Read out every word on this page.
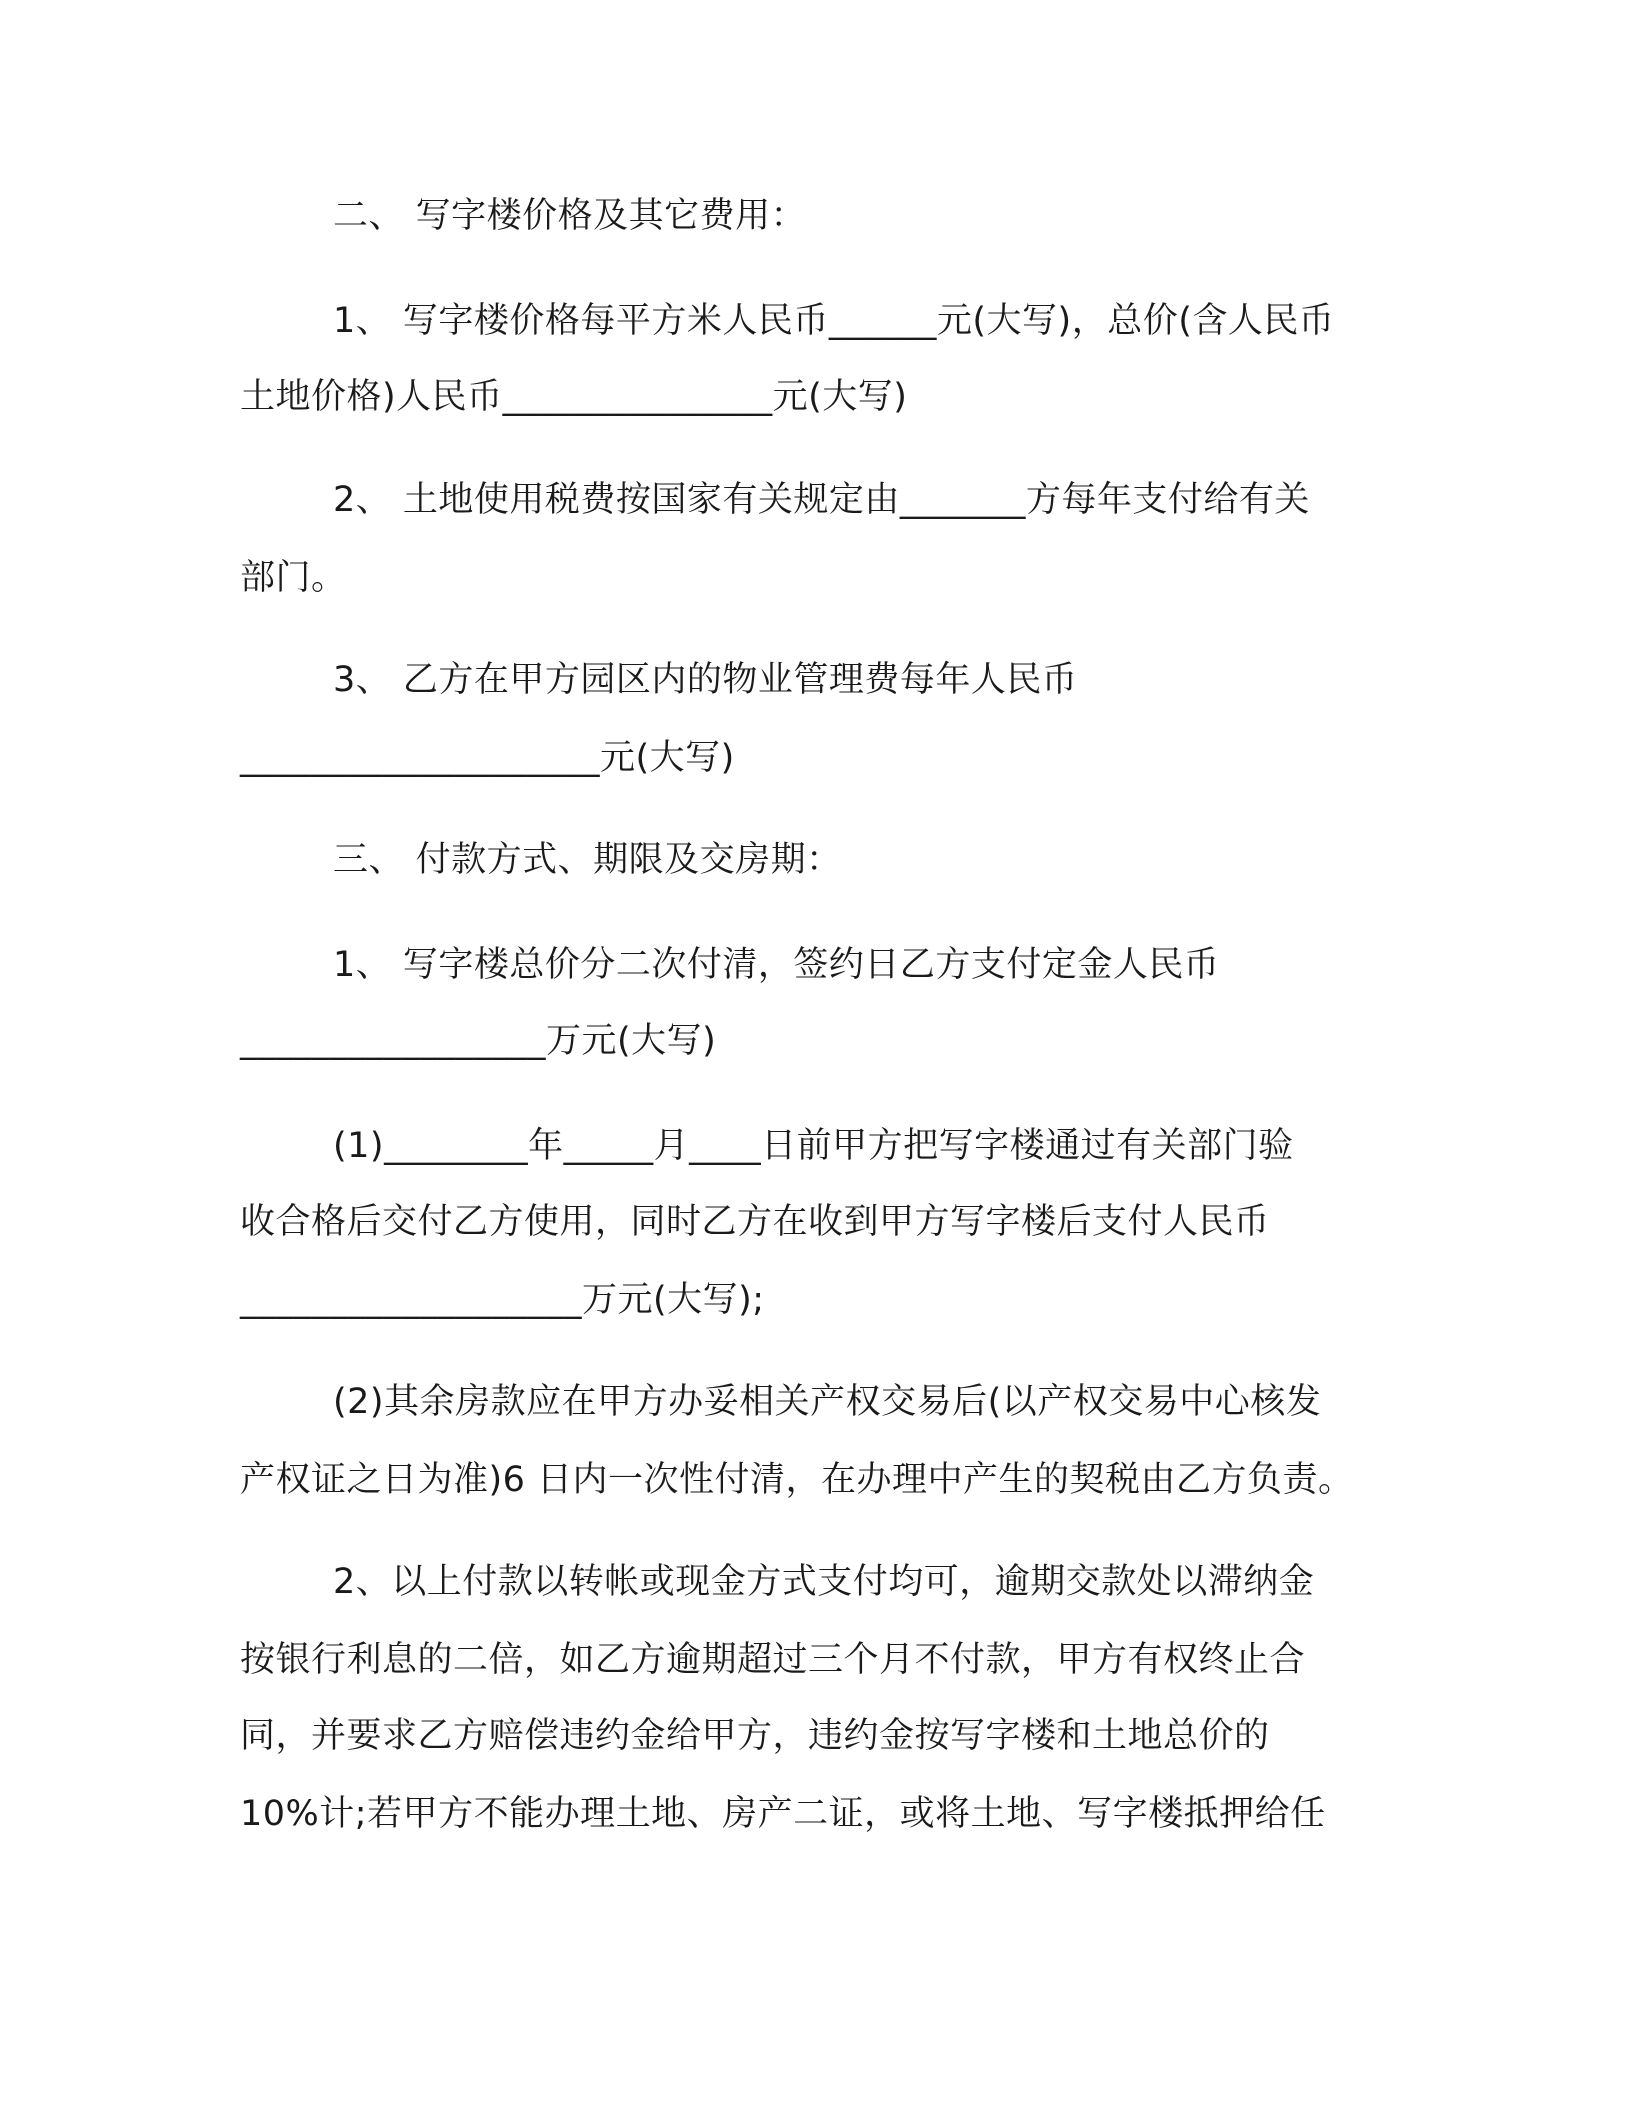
二、 写字楼价格及其它费用：
1、 写字楼价格每平方米人民币______元(大写)，总价(含人民币
土地价格)人民币_______________元(大写)
2、 土地使用税费按国家有关规定由_______方每年支付给有关
部门。
3、 乙方在甲方园区内的物业管理费每年人民币
____________________元(大写)
三、 付款方式、期限及交房期：
1、 写字楼总价分二次付清，签约日乙方支付定金人民币
_________________万元(大写)
(1)________年_____月____日前甲方把写字楼通过有关部门验
收合格后交付乙方使用，同时乙方在收到甲方写字楼后支付人民币
___________________万元(大写);
(2)其余房款应在甲方办妥相关产权交易后(以产权交易中心核发
产权证之日为准)6 日内一次性付清，在办理中产生的契税由乙方负责。
2、以上付款以转帐或现金方式支付均可，逾期交款处以滞纳金
按银行利息的二倍，如乙方逾期超过三个月不付款，甲方有权终止合
同，并要求乙方赔偿违约金给甲方，违约金按写字楼和土地总价的
10%计;若甲方不能办理土地、房产二证，或将土地、写字楼抵押给任
